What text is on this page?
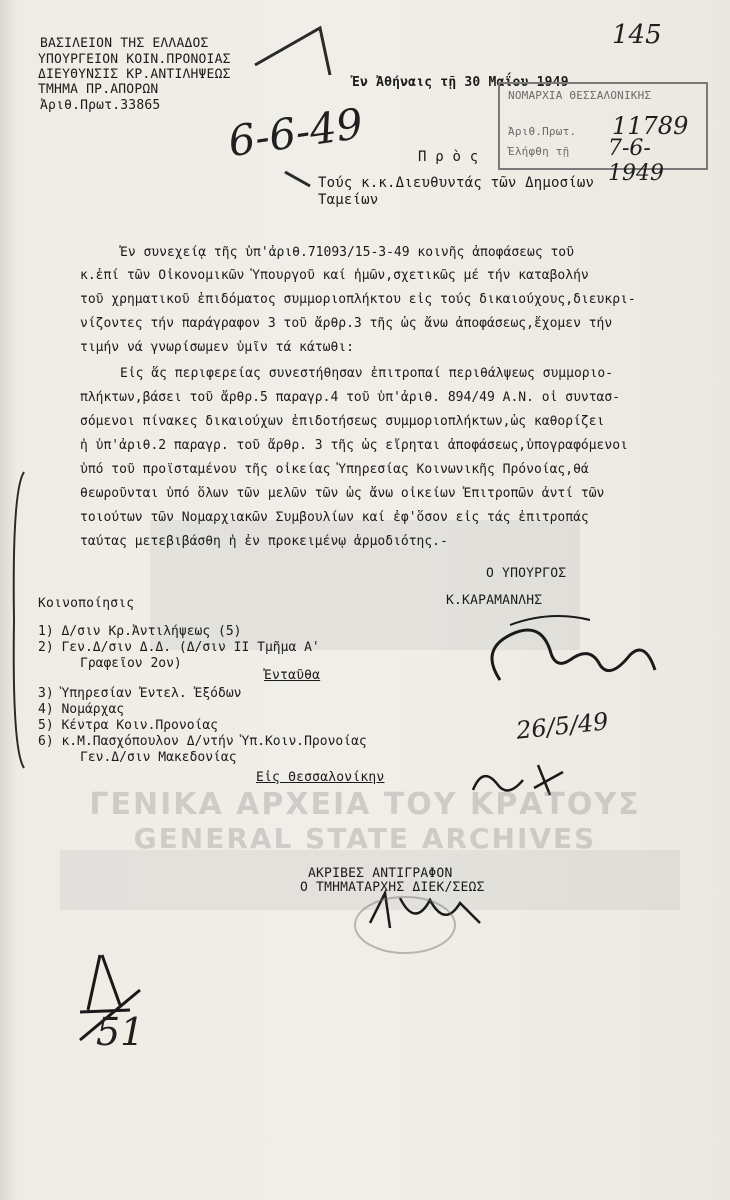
ΒΑΣΙΛΕΙΟΝ ΤΗΣ ΕΛΛΑΔΟΣ
ΥΠΟΥΡΓΕΙΟΝ ΚΟΙΝ.ΠΡΟΝΟΙΑΣ
ΔΙΕΥΘΥΝΣΙΣ ΚΡ.ΑΝΤΙΛΗΨΕΩΣ
ΤΜΗΜΑ ΠΡ.ΑΠΟΡΩΝ
Ἀριθ.Πρωτ.33865
Ἐν Ἀθήναις τῇ 30 Μαΐου 1949
145
6-6-49
ΝΟΜΑΡΧΙΑ ΘΕΣΣΑΛΟΝΙΚΗΣ
Ἀριθ.Πρωτ. 11789
Ἐλήφθη τῇ 7-6-1949
Π ρ ὸ ς
Τούς κ.κ.Διευθυντάς τῶν Δημοσίων
Ταμείων
Ἐν συνεχείᾳ τῆς ὑπ'ἀριθ.71093/15-3-49 κοινῆς ἀποφάσεως τοῦ
κ.ἐπί τῶν Οἰκονομικῶν Ὑπουργοῦ καί ἡμῶν,σχετικῶς μέ τήν καταβολήν
τοῦ χρηματικοῦ ἐπιδόματος συμμοριοπλήκτου εἰς τούς δικαιούχους,διευκρι-
νίζοντες τήν παράγραφον 3 τοῦ ἄρθρ.3 τῆς ὡς ἄνω ἀποφάσεως,ἔχομεν τήν
τιμήν νά γνωρίσωμεν ὑμῖν τά κάτωθι:
Εἰς ἅς περιφερείας συνεστήθησαν ἐπιτροπαί περιθάλψεως συμμοριο-
πλήκτων,βάσει τοῦ ἄρθρ.5 παραγρ.4 τοῦ ὑπ'ἀριθ. 894/49 Α.Ν. οἱ συντασ-
σόμενοι πίνακες δικαιούχων ἐπιδοτήσεως συμμοριοπλήκτων,ὡς καθορίζει
ἡ ὑπ'ἀριθ.2 παραγρ. τοῦ ἄρθρ. 3 τῆς ὡς εἴρηται ἀποφάσεως,ὑπογραφόμενοι
ὑπό τοῦ προϊσταμένου τῆς οἰκείας Ὑπηρεσίας Κοινωνικῆς Πρόνοίας,θά
θεωροῦνται ὑπό ὅλων τῶν μελῶν τῶν ὡς ἄνω οἰκείων Ἐπιτροπῶν ἀντί τῶν
τοιούτων τῶν Νομαρχιακῶν Συμβουλίων καί ἐφ'ὅσον εἰς τάς ἐπιτροπάς
ταύτας μετεβιβάσθη ἡ ἐν προκειμένῳ ἁρμοδιότης.-
Ο ΥΠΟΥΡΓΟΣ
Κ.ΚΑΡΑΜΑΝΛΗΣ
26/5/49
Κοινοποίησις
1) Δ/σιν Κρ.Ἀντιλήψεως (5)
2) Γεν.Δ/σιν Δ.Δ. (Δ/σιν ΙΙ Τμῆμα Α'
Γραφεῖον 2ον)
Ἐνταῦθα
3) Ὑπηρεσίαν Ἐντελ. Ἐξόδων
4) Νομάρχας
5) Κέντρα Κοιν.Προνοίας
6) κ.Μ.Πασχόπουλον Δ/ντήν Ὑπ.Κοιν.Προνοίας
Γεν.Δ/σιν Μακεδονίας
Εἰς Θεσσαλονίκην
ΓΕΝΙΚΑ ΑΡΧΕΙΑ ΤΟΥ ΚΡΑΤΟΥΣ
GENERAL STATE ARCHIVES
ΑΚΡΙΒΕΣ ΑΝΤΙΓΡΑΦΟΝ
Ο ΤΜΗΜΑΤΑΡΧΗΣ ΔΙΕΚ/ΣΕΩΣ
51
